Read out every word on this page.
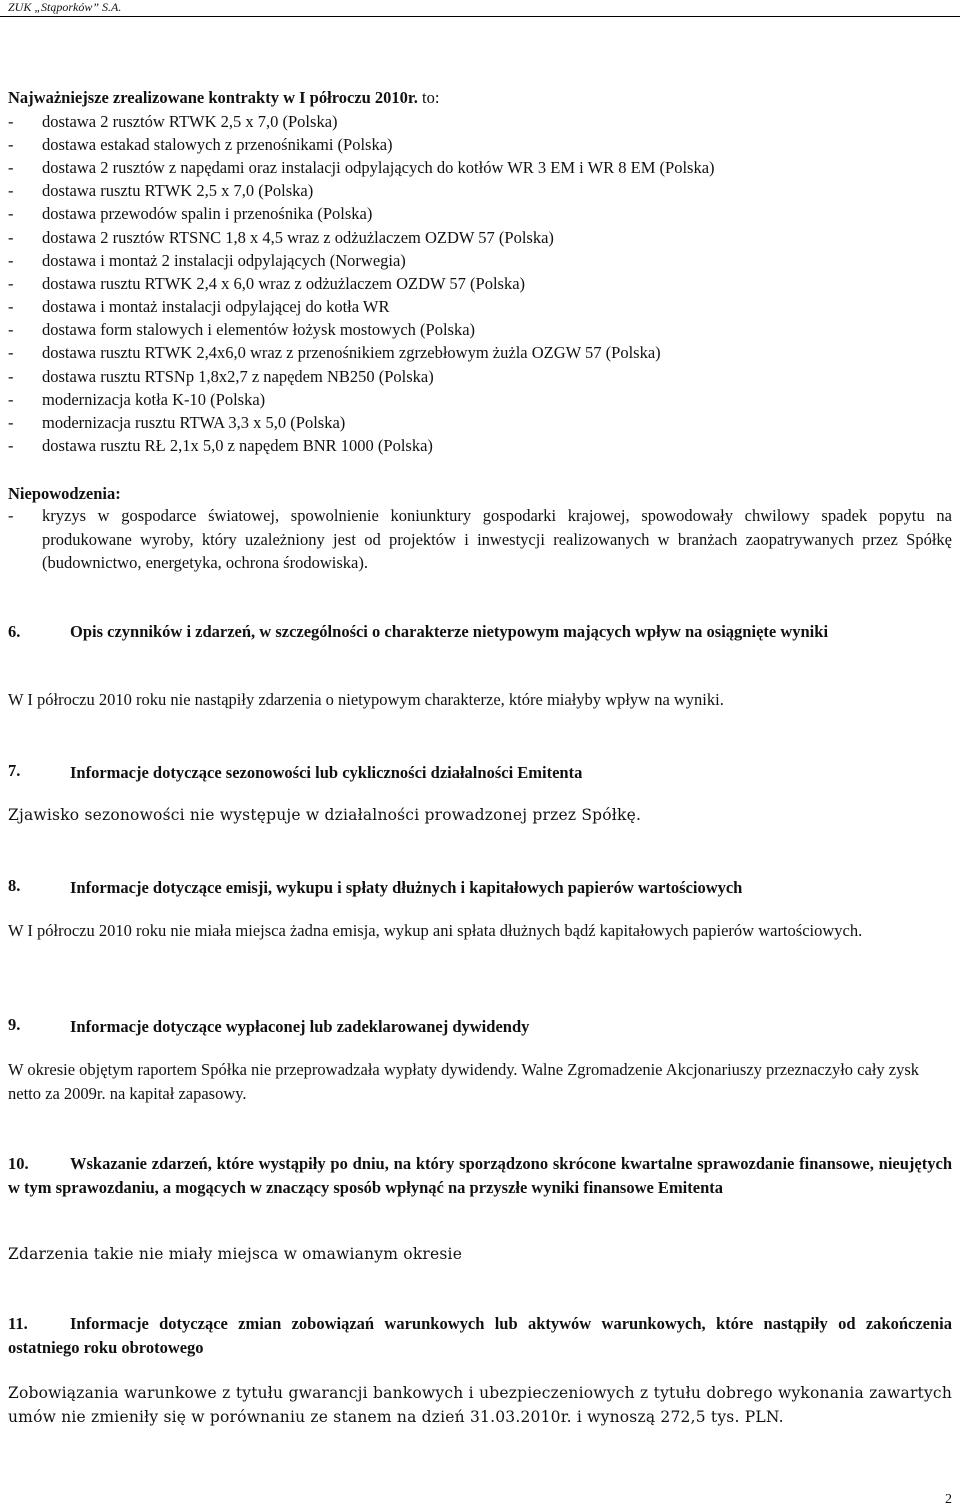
ZUK „Stąporków” S.A.
Najważniejsze zrealizowane kontrakty w I półroczu 2010r. to:
- dostawa 2 rusztów RTWK 2,5 x 7,0 (Polska)
- dostawa estakad stalowych z przenośnikami (Polska)
- dostawa 2 rusztów z napędami oraz instalacji odpylających do kotłów WR 3 EM i WR 8 EM (Polska)
- dostawa rusztu RTWK 2,5 x 7,0 (Polska)
- dostawa przewodów spalin i przenośnika (Polska)
- dostawa 2 rusztów RTSNC 1,8 x 4,5 wraz z odżużlaczem OZDW 57 (Polska)
- dostawa i montaż 2 instalacji odpylających (Norwegia)
- dostawa rusztu RTWK 2,4 x 6,0 wraz z odżużlaczem OZDW 57 (Polska)
- dostawa i montaż instalacji odpylającej do kotła WR
- dostawa form stalowych i elementów łożysk mostowych (Polska)
- dostawa rusztu RTWK 2,4x6,0 wraz z przenośnikiem zgrzebłowym żużla OZGW 57 (Polska)
- dostawa rusztu RTSNp 1,8x2,7 z napędem NB250 (Polska)
- modernizacja kotła K-10 (Polska)
- modernizacja rusztu RTWA 3,3 x 5,0 (Polska)
- dostawa rusztu RŁ 2,1x 5,0 z napędem BNR 1000 (Polska)
Niepowodzenia:
- kryzys w gospodarce światowej, spowolnienie koniunktury gospodarki krajowej, spowodowały chwilowy spadek popytu na produkowane wyroby, który uzależniony jest od projektów i inwestycji realizowanych w branżach zaopatrywanych przez Spółkę (budownictwo, energetyka, ochrona środowiska).
6.	Opis czynników i zdarzeń, w szczególności o charakterze nietypowym mających wpływ na osiągnięte wyniki
W I półroczu 2010 roku nie nastąpiły zdarzenia o nietypowym charakterze, które miałyby wpływ na wyniki.
7.	Informacje dotyczące sezonowości lub cykliczności działalności Emitenta
Zjawisko sezonowości nie występuje w działalności prowadzonej przez Spółkę.
8.	Informacje dotyczące emisji, wykupu i spłaty dłużnych i kapitałowych papierów wartościowych
W I półroczu 2010 roku nie miała miejsca żadna emisja, wykup ani spłata dłużnych bądź kapitałowych papierów wartościowych.
9.	Informacje dotyczące wypłaconej lub zadeklarowanej dywidendy
W okresie objętym raportem Spółka nie przeprowadzała wypłaty dywidendy. Walne Zgromadzenie Akcjonariuszy przeznaczyło cały zysk netto za 2009r. na kapitał zapasowy.
10.	Wskazanie zdarzeń, które wystąpiły po dniu, na który sporządzono skrócone kwartalne sprawozdanie finansowe, nieujętych w tym sprawozdaniu, a mogących w znaczący sposób wpłynąć na przyszłe wyniki finansowe Emitenta
Zdarzenia takie nie miały miejsca w omawianym okresie
11.	Informacje dotyczące zmian zobowiązań warunkowych lub aktywów warunkowych, które nastąpiły od zakończenia ostatniego roku obrotowego
Zobowiązania warunkowe z tytułu gwarancji bankowych i ubezpieczeniowych z tytułu dobrego wykonania zawartych umów nie zmieniły się w porównaniu ze stanem na dzień 31.03.2010r. i wynoszą 272,5 tys. PLN.
2
